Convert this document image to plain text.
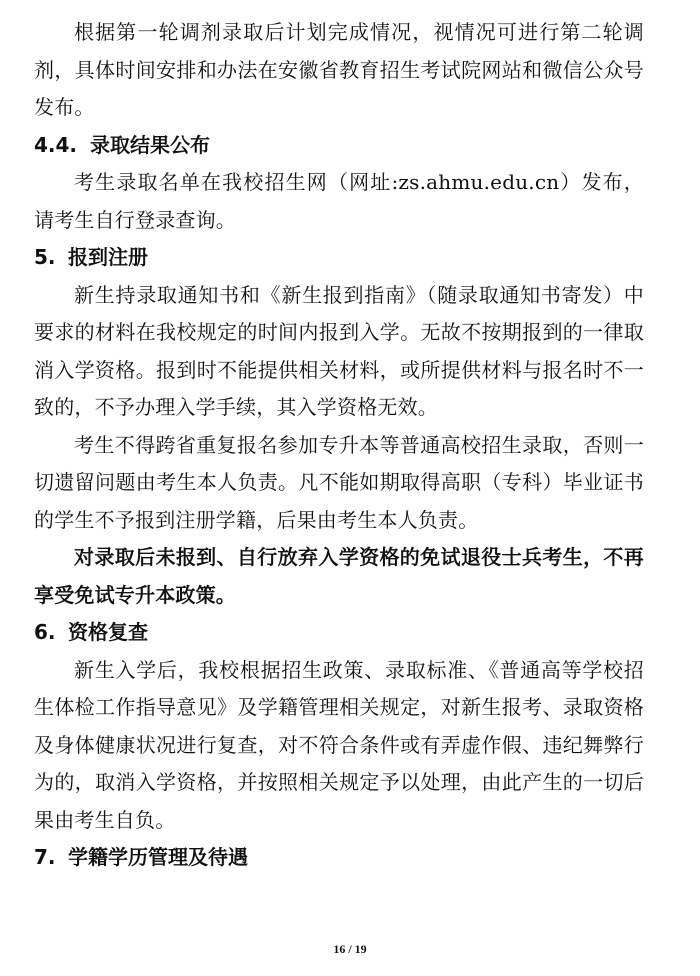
根据第一轮调剂录取后计划完成情况，视情况可进行第二轮调剂，具体时间安排和办法在安徽省教育招生考试院网站和微信公众号发布。

4.4. 录取结果公布

考生录取名单在我校招生网（网址:zs.ahmu.edu.cn）发布，请考生自行登录查询。

5. 报到注册

新生持录取通知书和《新生报到指南》（随录取通知书寄发）中要求的材料在我校规定的时间内报到入学。无故不按期报到的一律取消入学资格。报到时不能提供相关材料，或所提供材料与报名时不一致的，不予办理入学手续，其入学资格无效。

考生不得跨省重复报名参加专升本等普通高校招生录取，否则一切遗留问题由考生本人负责。凡不能如期取得高职（专科）毕业证书的学生不予报到注册学籍，后果由考生本人负责。

对录取后未报到、自行放弃入学资格的免试退役士兵考生，不再享受免试专升本政策。

6. 资格复查

新生入学后，我校根据招生政策、录取标准、《普通高等学校招生体检工作指导意见》及学籍管理相关规定，对新生报考、录取资格及身体健康状况进行复查，对不符合条件或有弄虚作假、违纪舞弊行为的，取消入学资格，并按照相关规定予以处理，由此产生的一切后果由考生自负。

7. 学籍学历管理及待遇

16 / 19
